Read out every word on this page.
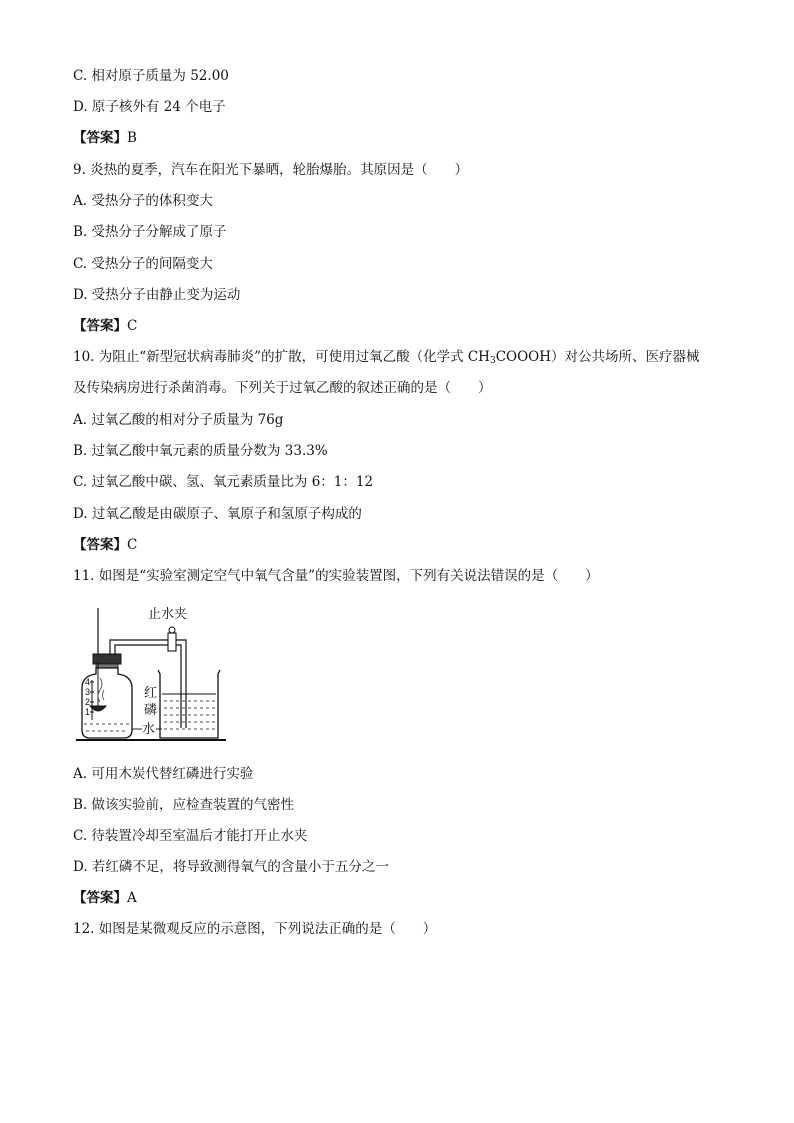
C. 相对原子质量为 52.00
D. 原子核外有 24 个电子
【答案】B
9. 炎热的夏季，汽车在阳光下暴晒，轮胎爆胎。其原因是（　　）
A. 受热分子的体积变大
B. 受热分子分解成了原子
C. 受热分子的间隔变大
D. 受热分子由静止变为运动
【答案】C
10. 为阻止“新型冠状病毒肺炎”的扩散，可使用过氧乙酸（化学式 $CH_3COOOH$）对公共场所、医疗器械
及传染病房进行杀菌消毒。下列关于过氧乙酸的叙述正确的是（　　）
A. 过氧乙酸的相对分子质量为 76g
B. 过氧乙酸中氧元素的质量分数为 33.3%
C. 过氧乙酸中碳、氢、氧元素质量比为 6：1：12
D. 过氧乙酸是由碳原子、氧原子和氢原子构成的
【答案】C
11. 如图是“实验室测定空气中氧气含量”的实验装置图，下列有关说法错误的是（　　）
止水夹
4
3
2
1
红
磷
水
A. 可用木炭代替红磷进行实验
B. 做该实验前，应检查装置的气密性
C. 待装置冷却至室温后才能打开止水夹
D. 若红磷不足，将导致测得氧气的含量小于五分之一
【答案】A
12. 如图是某微观反应的示意图，下列说法正确的是（　　）
